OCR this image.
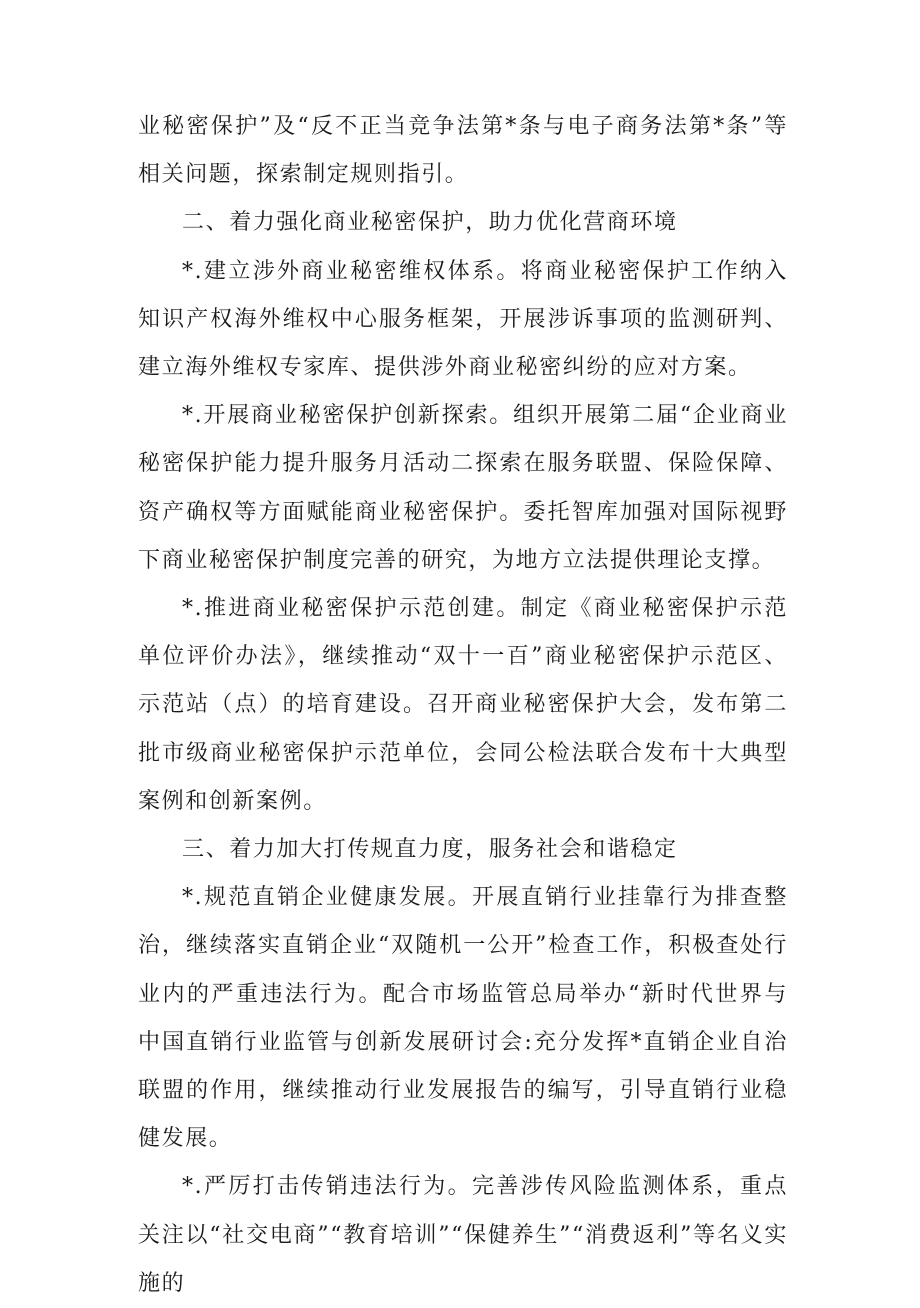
业秘密保护”及“反不正当竞争法第*条与电子商务法第*条”等相关问题，探索制定规则指引。

二、着力强化商业秘密保护，助力优化营商环境

*.建立涉外商业秘密维权体系。将商业秘密保护工作纳入知识产权海外维权中心服务框架，开展涉诉事项的监测研判、建立海外维权专家库、提供涉外商业秘密纠纷的应对方案。

*.开展商业秘密保护创新探索。组织开展第二届“企业商业秘密保护能力提升服务月活动二探索在服务联盟、保险保障、资产确权等方面赋能商业秘密保护。委托智库加强对国际视野下商业秘密保护制度完善的研究，为地方立法提供理论支撑。

*.推进商业秘密保护示范创建。制定《商业秘密保护示范单位评价办法》，继续推动“双十一百”商业秘密保护示范区、示范站（点）的培育建设。召开商业秘密保护大会，发布第二批市级商业秘密保护示范单位，会同公检法联合发布十大典型案例和创新案例。

三、着力加大打传规直力度，服务社会和谐稳定

*.规范直销企业健康发展。开展直销行业挂靠行为排查整治，继续落实直销企业“双随机一公开”检查工作，积极查处行业内的严重违法行为。配合市场监管总局举办“新时代世界与中国直销行业监管与创新发展研讨会:充分发挥*直销企业自治联盟的作用，继续推动行业发展报告的编写，引导直销行业稳健发展。

*.严厉打击传销违法行为。完善涉传风险监测体系，重点关注以“社交电商”“教育培训”“保健养生”“消费返利”等名义实施的
